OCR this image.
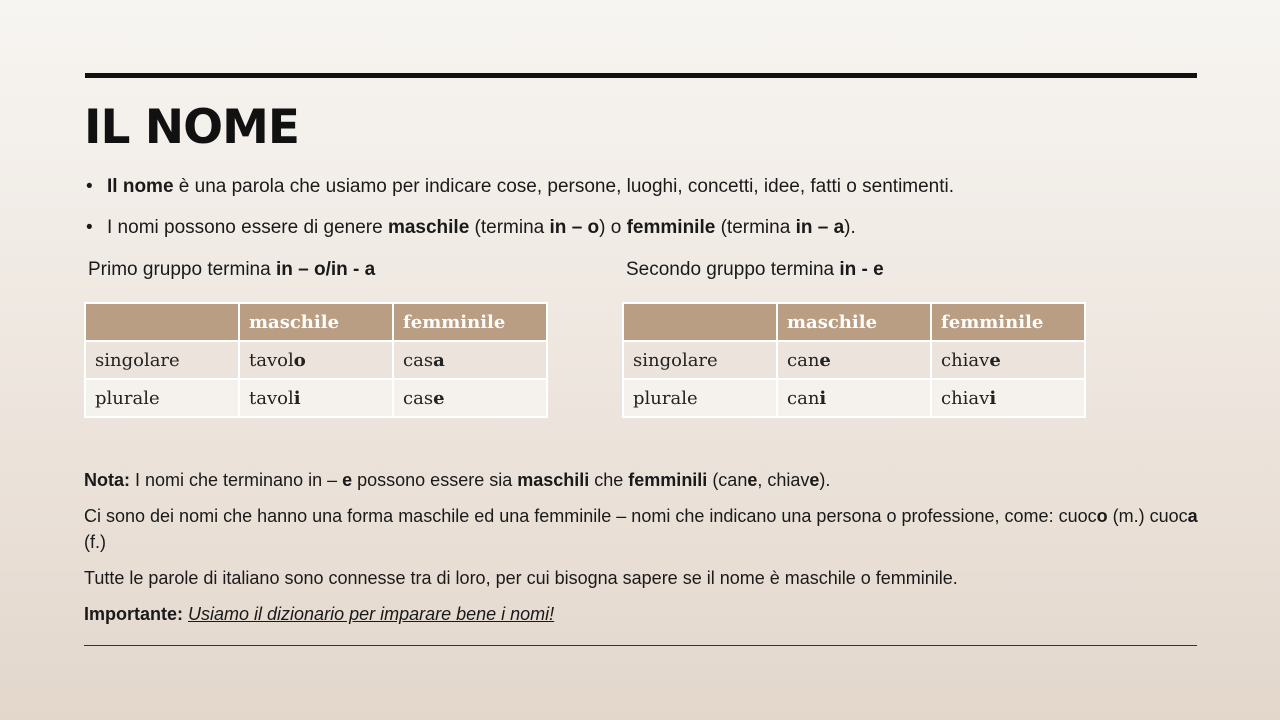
IL NOME
• Il nome è una parola che usiamo per indicare cose, persone, luoghi, concetti, idee, fatti o sentimenti.
• I nomi possono essere di genere maschile (termina in – o) o femminile (termina in – a).
Primo gruppo termina in – o/in - a	Secondo gruppo termina in - e
	maschile	femminile
singolare	tavolo	casa
plurale	tavoli	case
	maschile	femminile
singolare	cane	chiave
plurale	cani	chiavi

Nota: I nomi che terminano in – e possono essere sia maschili che femminili (cane, chiave).

Ci sono dei nomi che hanno una forma maschile ed una femminile – nomi che indicano una persona o professione, come: cuoco (m.) cuoca (f.)

Tutte le parole di italiano sono connesse tra di loro, per cui bisogna sapere se il nome è maschile o femminile.

Importante: Usiamo il dizionario per imparare bene i nomi!
